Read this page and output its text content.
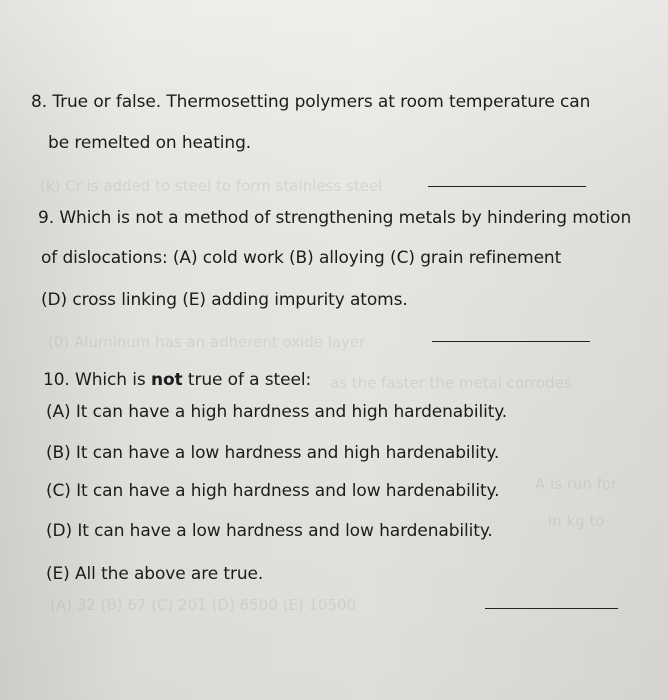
(k) Cr is added to steel to form stainless steel
(0) Aluminum has an adherent oxide layer
as the faster the metal corrodes
A is run for
in kg to
(A) 32 (B) 67 (C) 201 (D) 6500 (E) 10500
8. True or false. Thermosetting polymers at room temperature can
be remelted on heating.
9. Which is not a method of strengthening metals by hindering motion
of dislocations: (A) cold work (B) alloying (C) grain refinement
(D) cross linking (E) adding impurity atoms.
10. Which is not true of a steel:
(A) It can have a high hardness and high hardenability.
(B) It can have a low hardness and high hardenability.
(C) It can have a high hardness and low hardenability.
(D) It can have a low hardness and low hardenability.
(E) All the above are true.
